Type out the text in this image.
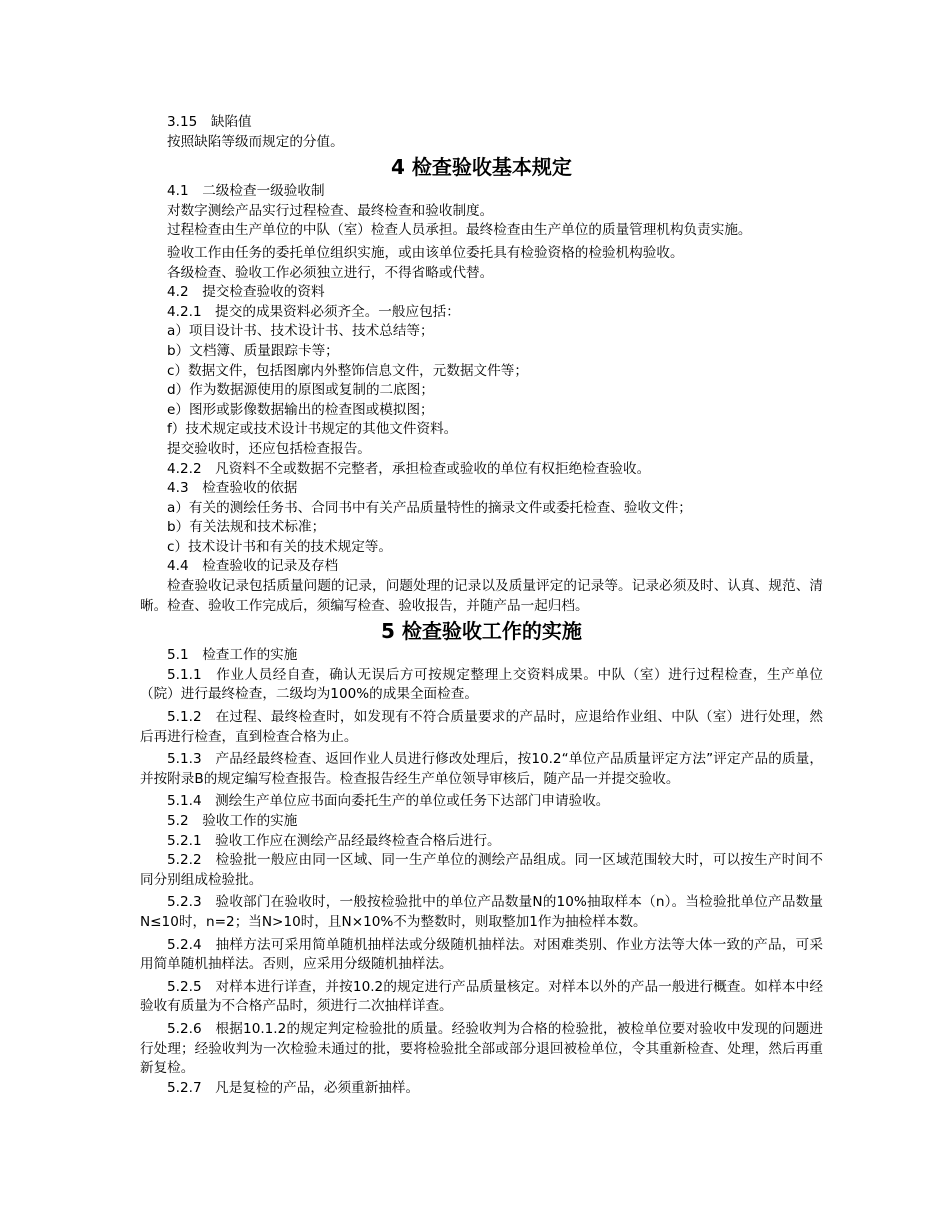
3.15　缺陷值

按照缺陷等级而规定的分值。

4 检查验收基本规定

4.1　二级检查一级验收制

对数字测绘产品实行过程检查、最终检查和验收制度。

过程检查由生产单位的中队（室）检查人员承担。最终检查由生产单位的质量管理机构负责实施。

验收工作由任务的委托单位组织实施，或由该单位委托具有检验资格的检验机构验收。

各级检查、验收工作必须独立进行，不得省略或代替。

4.2　提交检查验收的资料

4.2.1　提交的成果资料必须齐全。一般应包括：

a）项目设计书、技术设计书、技术总结等；

b）文档簿、质量跟踪卡等；

c）数据文件，包括图廓内外整饰信息文件，元数据文件等；

d）作为数据源使用的原图或复制的二底图；

e）图形或影像数据输出的检查图或模拟图；

f）技术规定或技术设计书规定的其他文件资料。

提交验收时，还应包括检查报告。

4.2.2　凡资料不全或数据不完整者，承担检查或验收的单位有权拒绝检查验收。

4.3　检查验收的依据

a）有关的测绘任务书、合同书中有关产品质量特性的摘录文件或委托检查、验收文件；

b）有关法规和技术标准；

c）技术设计书和有关的技术规定等。

4.4　检查验收的记录及存档

检查验收记录包括质量问题的记录，问题处理的记录以及质量评定的记录等。记录必须及时、认真、规范、清晰。检查、验收工作完成后，须编写检查、验收报告，并随产品一起归档。

5 检查验收工作的实施

5.1　检查工作的实施

5.1.1　作业人员经自查，确认无误后方可按规定整理上交资料成果。中队（室）进行过程检查，生产单位（院）进行最终检查，二级均为100%的成果全面检查。

5.1.2　在过程、最终检查时，如发现有不符合质量要求的产品时，应退给作业组、中队（室）进行处理，然后再进行检查，直到检查合格为止。

5.1.3　产品经最终检查、返回作业人员进行修改处理后，按10.2“单位产品质量评定方法”评定产品的质量，并按附录B的规定编写检查报告。检查报告经生产单位领导审核后，随产品一并提交验收。

5.1.4　测绘生产单位应书面向委托生产的单位或任务下达部门申请验收。

5.2　验收工作的实施

5.2.1　验收工作应在测绘产品经最终检查合格后进行。

5.2.2　检验批一般应由同一区域、同一生产单位的测绘产品组成。同一区域范围较大时，可以按生产时间不同分别组成检验批。

5.2.3　验收部门在验收时，一般按检验批中的单位产品数量N的10%抽取样本（n）。当检验批单位产品数量N≤10时，n=2；当N>10时，且N×10%不为整数时，则取整加1作为抽检样本数。

5.2.4　抽样方法可采用简单随机抽样法或分级随机抽样法。对困难类别、作业方法等大体一致的产品，可采用简单随机抽样法。否则，应采用分级随机抽样法。

5.2.5　对样本进行详查，并按10.2的规定进行产品质量核定。对样本以外的产品一般进行概查。如样本中经验收有质量为不合格产品时，须进行二次抽样详查。

5.2.6　根据10.1.2的规定判定检验批的质量。经验收判为合格的检验批，被检单位要对验收中发现的问题进行处理；经验收判为一次检验未通过的批，要将检验批全部或部分退回被检单位，令其重新检查、处理，然后再重新复检。

5.2.7　凡是复检的产品，必须重新抽样。
